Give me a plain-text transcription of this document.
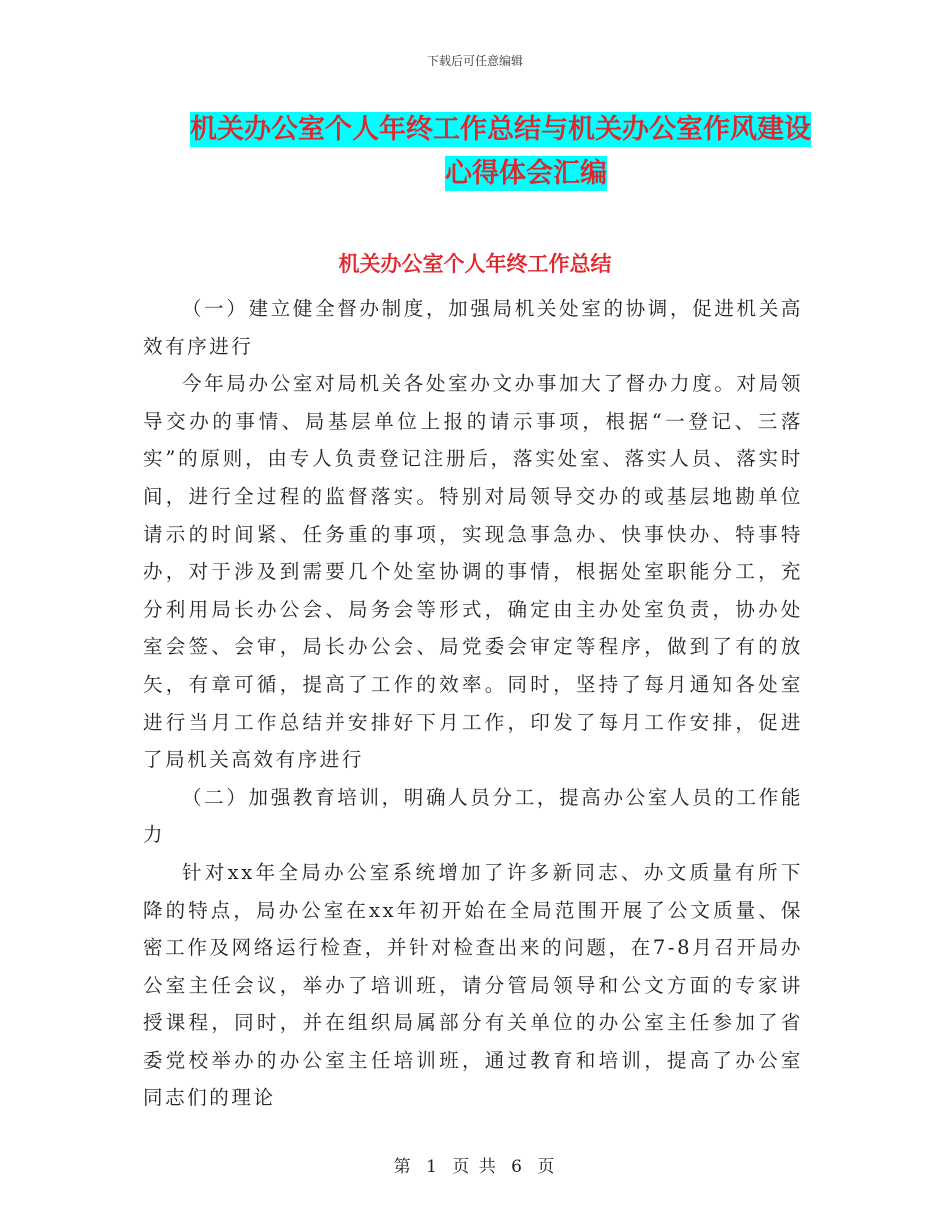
下载后可任意编辑
机关办公室个人年终工作总结与机关办公室作风建设
心得体会汇编
机关办公室个人年终工作总结

（一）建立健全督办制度，加强局机关处室的协调，促进机关高效有序进行

今年局办公室对局机关各处室办文办事加大了督办力度。对局领导交办的事情、局基层单位上报的请示事项，根据“一登记、三落实”的原则，由专人负责登记注册后，落实处室、落实人员、落实时间，进行全过程的监督落实。特别对局领导交办的或基层地勘单位请示的时间紧、任务重的事项，实现急事急办、快事快办、特事特办，对于涉及到需要几个处室协调的事情，根据处室职能分工，充分利用局长办公会、局务会等形式，确定由主办处室负责，协办处室会签、会审，局长办公会、局党委会审定等程序，做到了有的放矢，有章可循，提高了工作的效率。同时，坚持了每月通知各处室进行当月工作总结并安排好下月工作，印发了每月工作安排，促进了局机关高效有序进行

（二）加强教育培训，明确人员分工，提高办公室人员的工作能力

针对xx年全局办公室系统增加了许多新同志、办文质量有所下降的特点，局办公室在xx年初开始在全局范围开展了公文质量、保密工作及网络运行检查，并针对检查出来的问题，在7-8月召开局办公室主任会议，举办了培训班，请分管局领导和公文方面的专家讲授课程，同时，并在组织局属部分有关单位的办公室主任参加了省委党校举办的办公室主任培训班，通过教育和培训，提高了办公室同志们的理论

第 1 页 共 6 页
